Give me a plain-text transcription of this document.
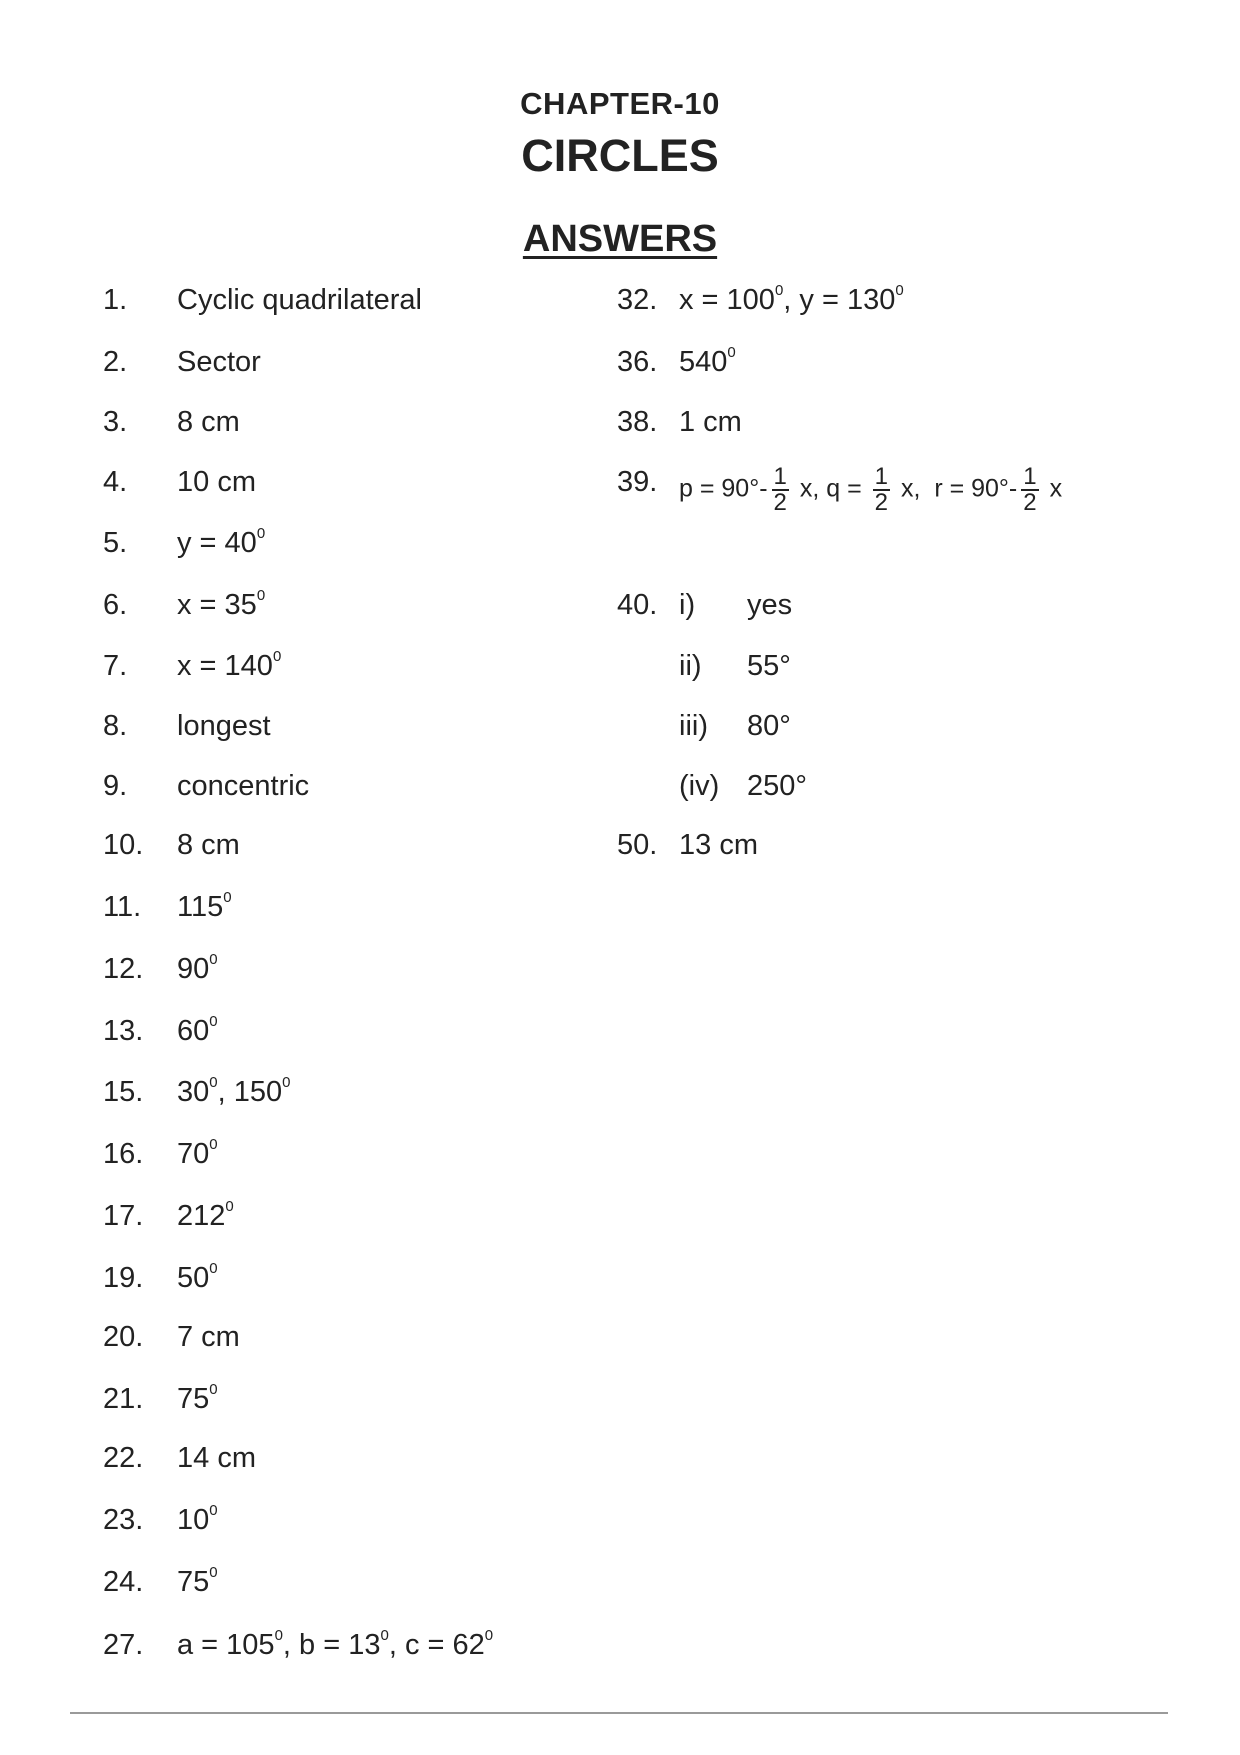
CHAPTER-10
CIRCLES
ANSWERS
1. Cyclic quadrilateral
2. Sector
3. 8 cm
4. 10 cm
5. $y = 40^0$
6. $x = 35^0$
7. $x = 140^0$
8. longest
9. concentric
10. 8 cm
11. $115^0$
12. $90^0$
13. $60^0$
15. $30^0$, $150^0$
16. $70^0$
17. $212^0$
19. $50^0$
20. 7 cm
21. $75^0$
22. 14 cm
23. $10^0$
24. $75^0$
27. $a = 105^0$, $b = 13^0$, $c = 62^0$
32. $x = 100^0$, $y = 130^0$
36. $540^0$
38. 1 cm
39. $p = 90^\circ- \frac{1}{2} x$, $q = \frac{1}{2} x$, $r = 90^\circ- \frac{1}{2}$ x
40. i) yes
ii) 55°
iii) 80°
(iv) 250°
50. 13 cm
